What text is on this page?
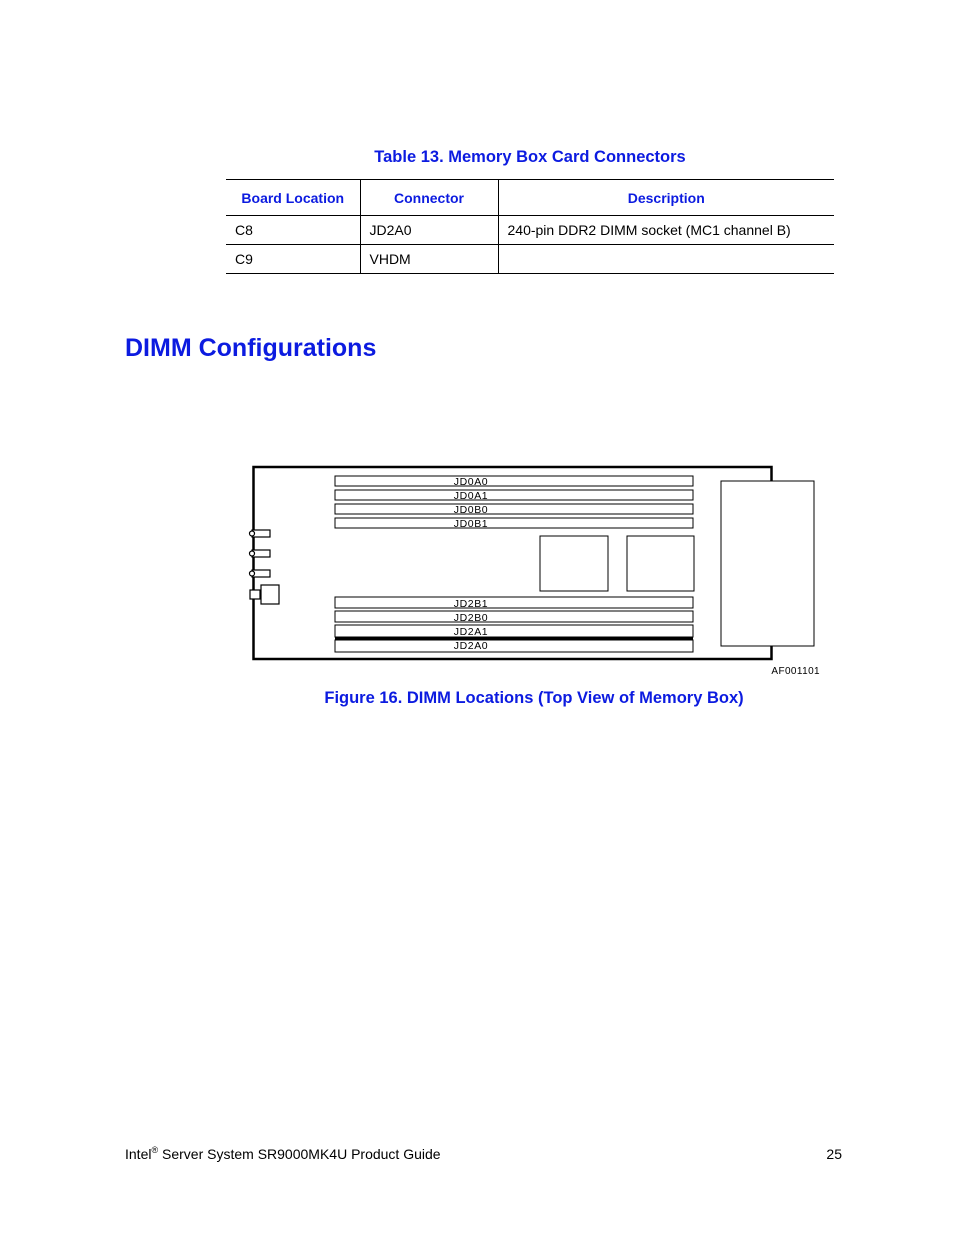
Table 13. Memory Box Card Connectors
Board Location	Connector	Description
C8	JD2A0	240-pin DDR2 DIMM socket (MC1 channel B)
C9	VHDM	
DIMM Configurations
JD0A0
JD0A1
JD0B0
JD0B1
JD2B1
JD2B0
JD2A1
JD2A0
AF001101
Figure 16. DIMM Locations (Top View of Memory Box)
Intel® Server System SR9000MK4U Product Guide	25
